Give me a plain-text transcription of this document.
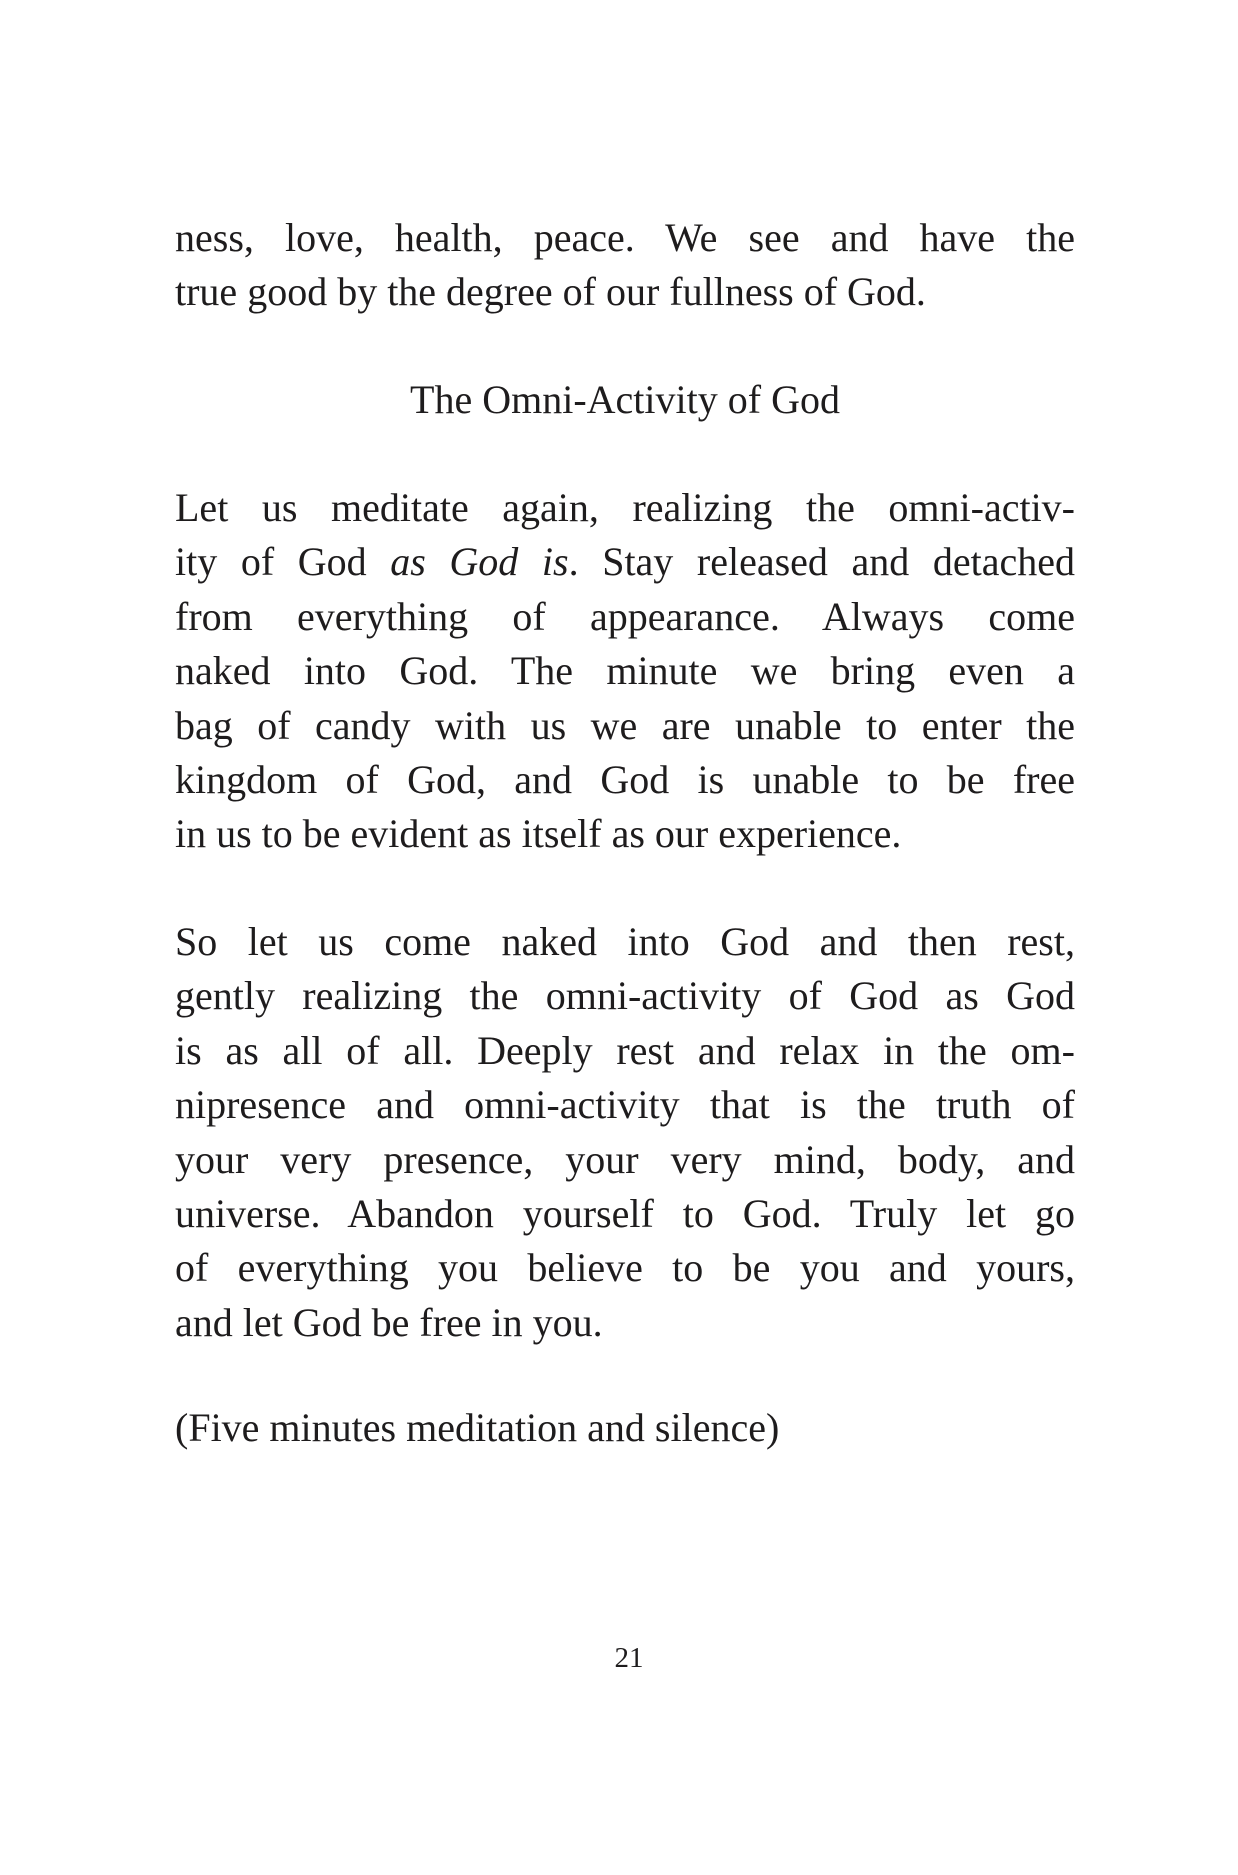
ness, love, health, peace. We see and have the
true good by the degree of our fullness of God.
The Omni-Activity of God
Let us meditate again, realizing the omni-activ-
ity of God as God is. Stay released and detached
from everything of appearance. Always come
naked into God. The minute we bring even a
bag of candy with us we are unable to enter the
kingdom of God, and God is unable to be free
in us to be evident as itself as our experience.
So let us come naked into God and then rest,
gently realizing the omni-activity of God as God
is as all of all. Deeply rest and relax in the om-
nipresence and omni-activity that is the truth of
your very presence, your very mind, body, and
universe. Abandon yourself to God. Truly let go
of everything you believe to be you and yours,
and let God be free in you.
(Five minutes meditation and silence)
21
